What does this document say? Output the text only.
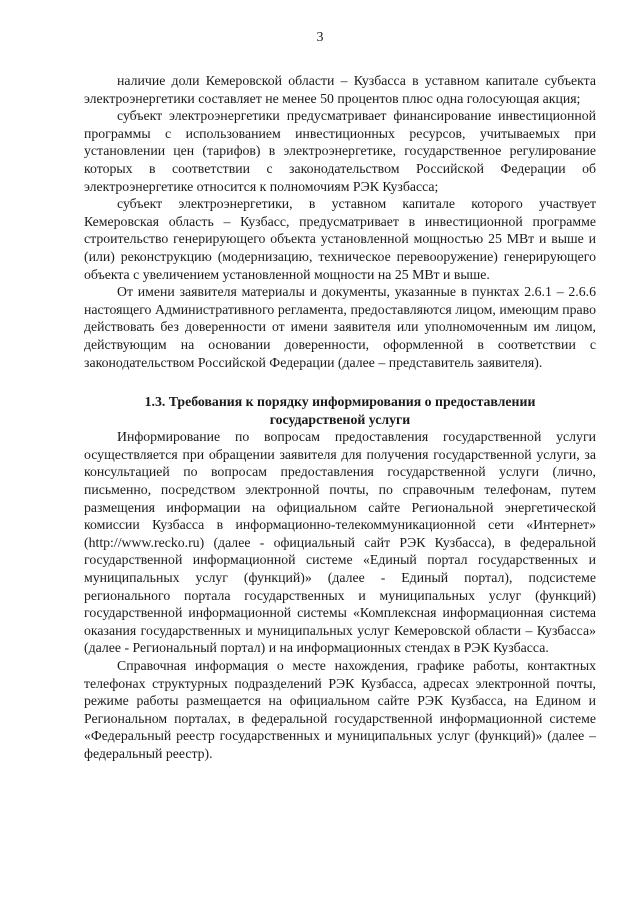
3

наличие доли Кемеровской области – Кузбасса в уставном капитале субъекта электроэнергетики составляет не менее 50 процентов плюс одна голосующая акция;

субъект электроэнергетики предусматривает финансирование инвестиционной программы с использованием инвестиционных ресурсов, учитываемых при установлении цен (тарифов) в электроэнергетике, государственное регулирование которых в соответствии с законодательством Российской Федерации об электроэнергетике относится к полномочиям РЭК Кузбасса;

субъект электроэнергетики, в уставном капитале которого участвует Кемеровская область – Кузбасс, предусматривает в инвестиционной программе строительство генерирующего объекта установленной мощностью 25 МВт и выше и (или) реконструкцию (модернизацию, техническое перевооружение) генерирующего объекта с увеличением установленной мощности на 25 МВт и выше.

От имени заявителя материалы и документы, указанные в пунктах 2.6.1 – 2.6.6 настоящего Административного регламента, предоставляются лицом, имеющим право действовать без доверенности от имени заявителя или уполномоченным им лицом, действующим на основании доверенности, оформленной в соответствии с законодательством Российской Федерации (далее – представитель заявителя).

1.3. Требования к порядку информирования о предоставлении государственой услуги

Информирование по вопросам предоставления государственной услуги осуществляется при обращении заявителя для получения государственной услуги, за консультацией по вопросам предоставления государственной услуги (лично, письменно, посредством электронной почты, по справочным телефонам, путем размещения информации на официальном сайте Региональной энергетической комиссии Кузбасса в информационно-телекоммуникационной сети «Интернет» (http://www.recko.ru) (далее - официальный сайт РЭК Кузбасса), в федеральной государственной информационной системе «Единый портал государственных и муниципальных услуг (функций)» (далее - Единый портал), подсистеме регионального портала государственных и муниципальных услуг (функций) государственной информационной системы «Комплексная информационная система оказания государственных и муниципальных услуг Кемеровской области – Кузбасса» (далее - Региональный портал) и на информационных стендах в РЭК Кузбасса.

Справочная информация о месте нахождения, графике работы, контактных телефонах структурных подразделений РЭК Кузбасса, адресах электронной почты, режиме работы размещается на официальном сайте РЭК Кузбасса, на Едином и Региональном порталах, в федеральной государственной информационной системе «Федеральный реестр государственных и муниципальных услуг (функций)» (далее – федеральный реестр).
